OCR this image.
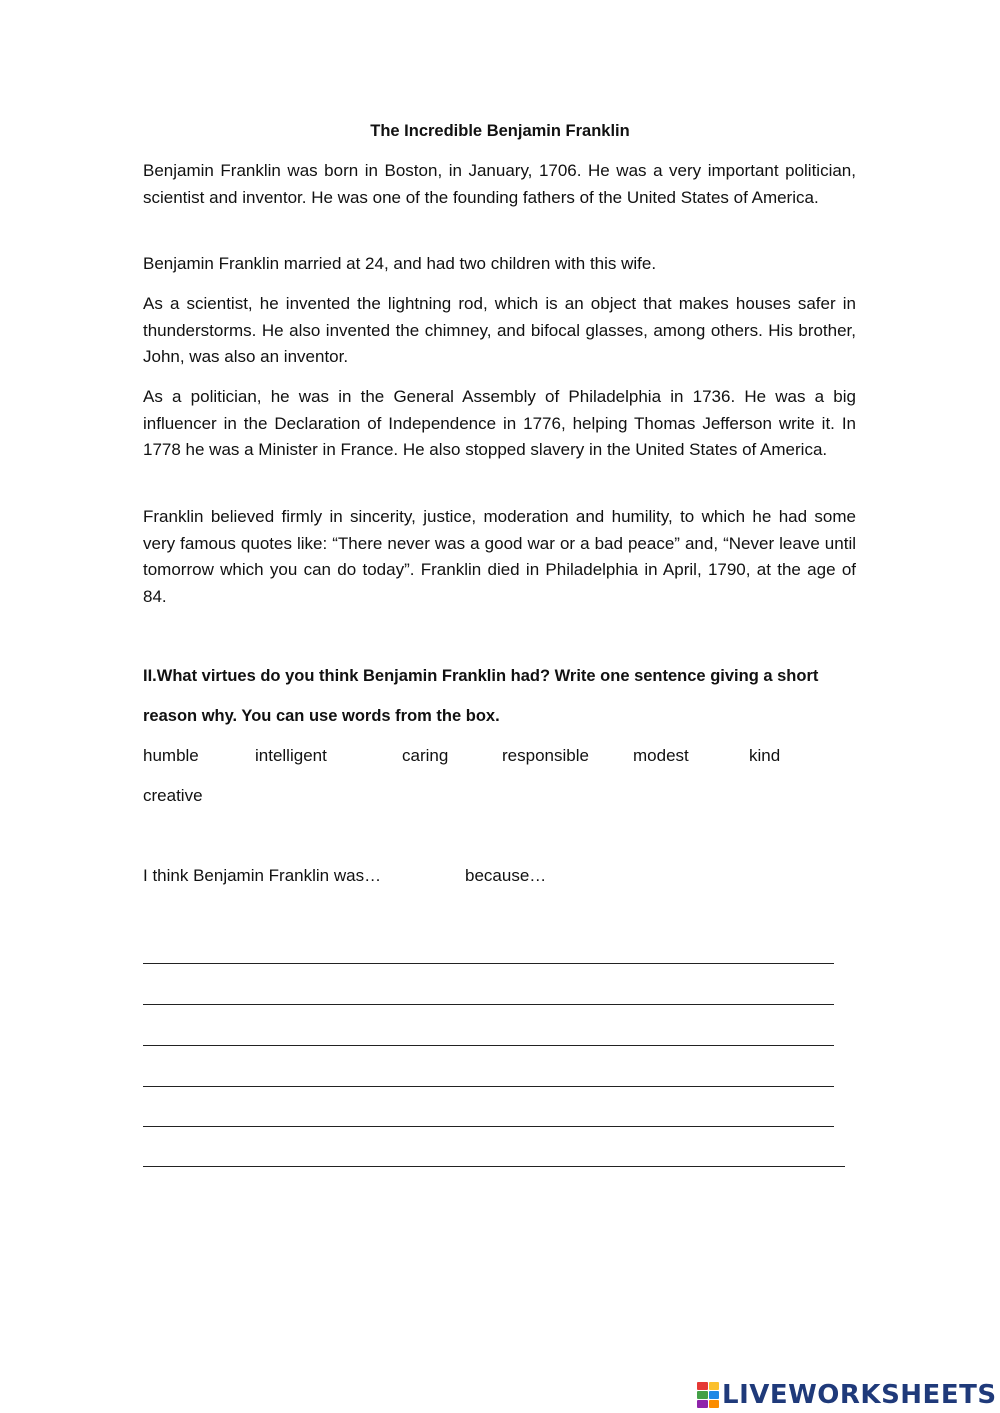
The Incredible Benjamin Franklin

Benjamin Franklin was born in Boston, in January, 1706. He was a very important politician, scientist and inventor. He was one of the founding fathers of the United States of America.

Benjamin Franklin married at 24, and had two children with this wife.

As a scientist, he invented the lightning rod, which is an object that makes houses safer in thunderstorms. He also invented the chimney, and bifocal glasses, among others. His brother, John, was also an inventor.

As a politician, he was in the General Assembly of Philadelphia in 1736. He was a big influencer in the Declaration of Independence in 1776, helping Thomas Jefferson write it. In 1778 he was a Minister in France. He also stopped slavery in the United States of America.

Franklin believed firmly in sincerity, justice, moderation and humility, to which he had some very famous quotes like: “There never was a good war or a bad peace” and, “Never leave until tomorrow which you can do today”. Franklin died in Philadelphia in April, 1790, at the age of 84.

II.What virtues do you think Benjamin Franklin had? Write one sentence giving a short reason why. You can use words from the box.

humble	intelligent	caring	responsible	modest	kind
creative
I think Benjamin Franklin was…	because…
LIVEWORKSHEETS
